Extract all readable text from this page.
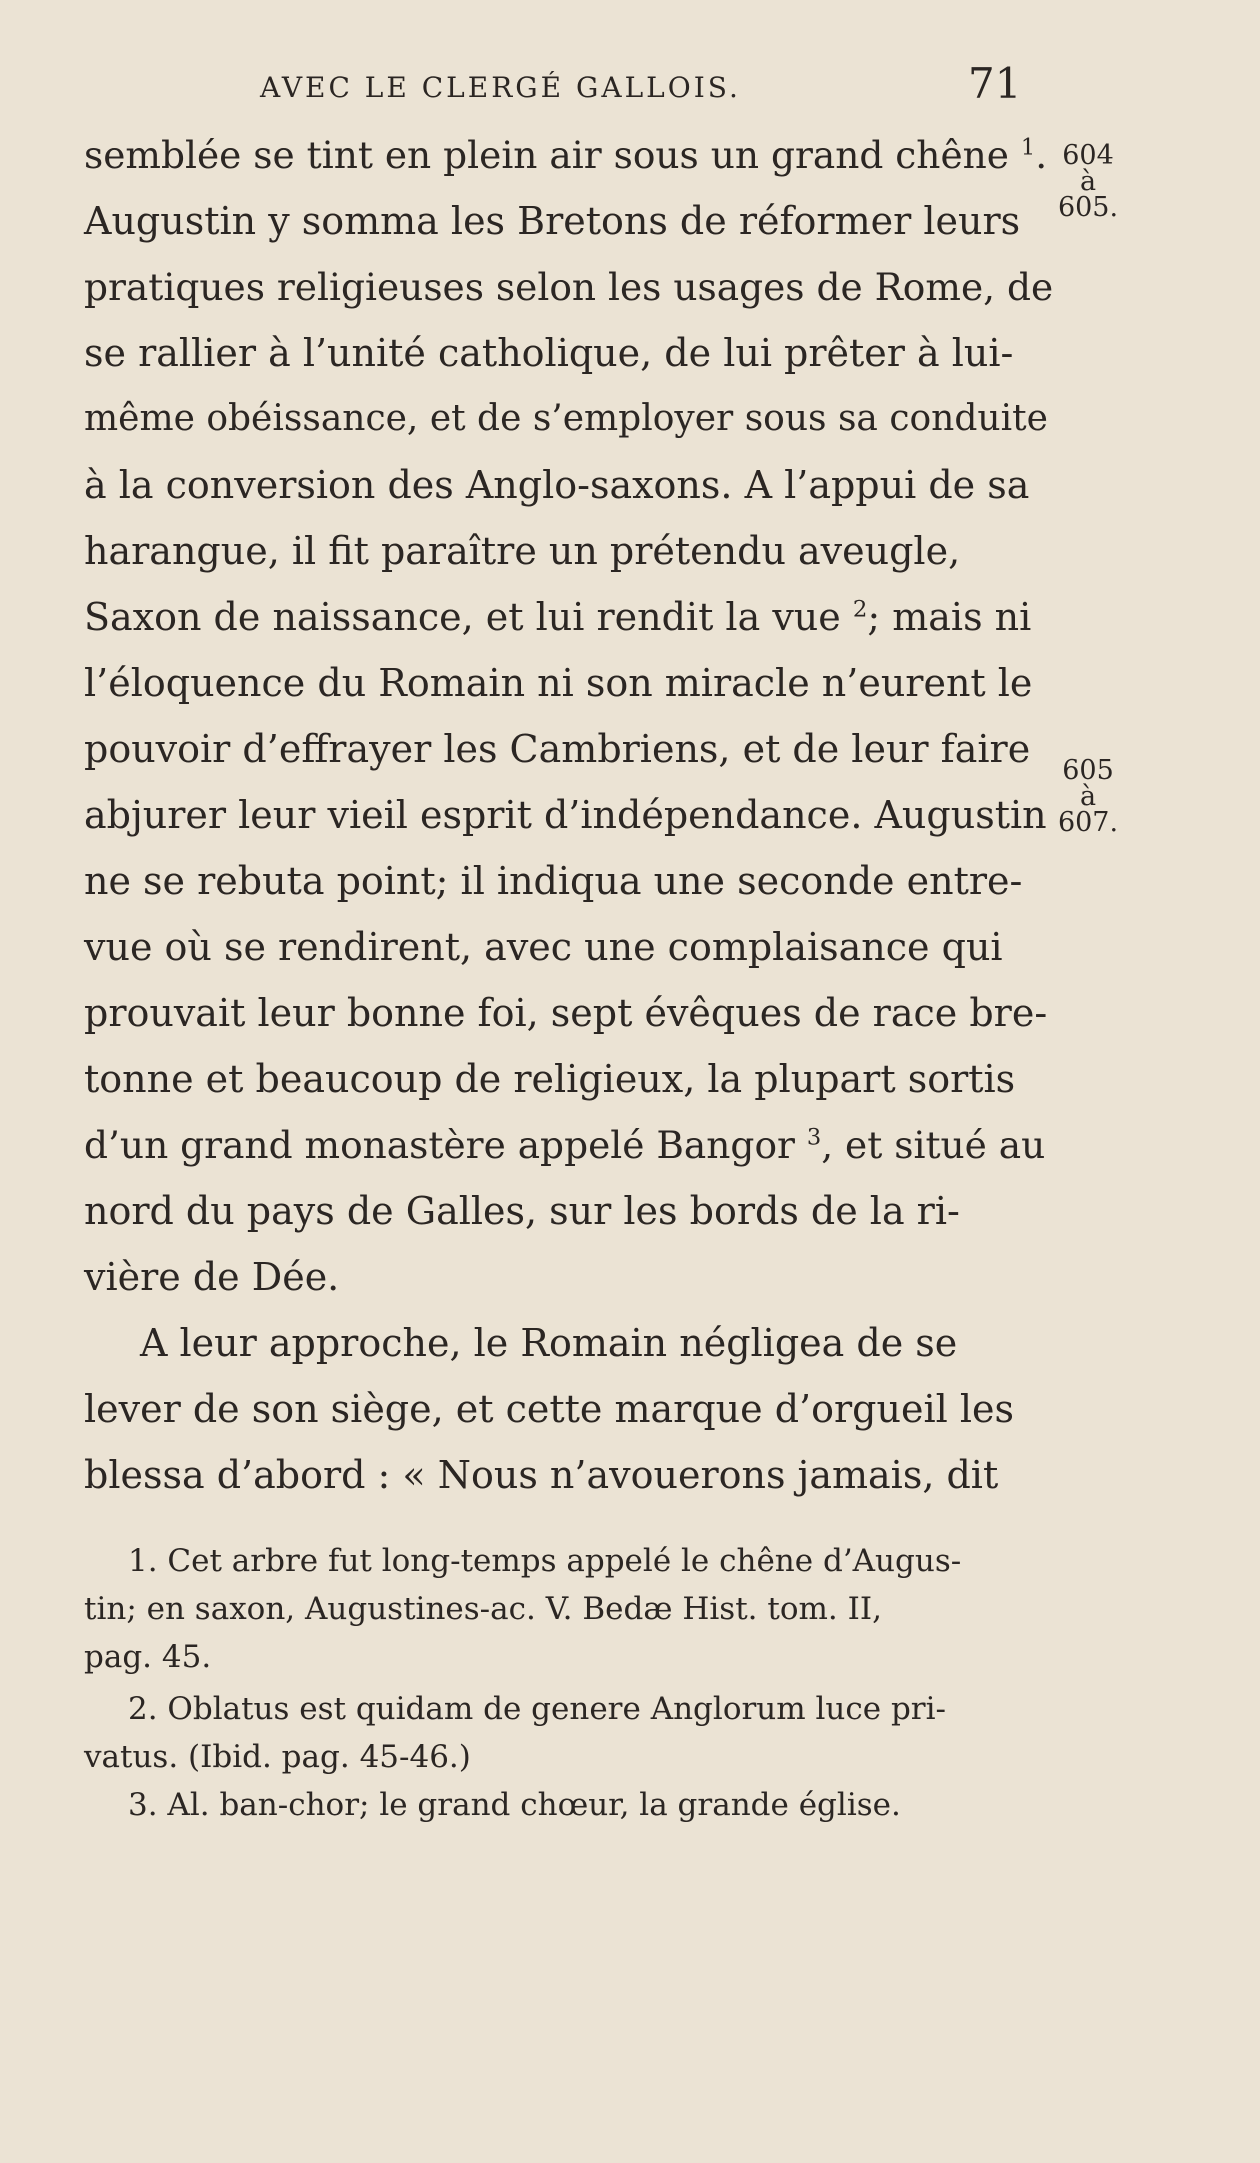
AVEC LE CLERGÉ GALLOIS.	71
604
à
605.
605
à
607.
semblée se tint en plein air sous un grand chêne $^1$.
Augustin y somma les Bretons de réformer leurs
pratiques religieuses selon les usages de Rome, de
se rallier à l’unité catholique, de lui prêter à lui-
même obéissance, et de s’employer sous sa conduite
à la conversion des Anglo-saxons. A l’appui de sa
harangue, il fit paraître un prétendu aveugle,
Saxon de naissance, et lui rendit la vue $^2$; mais ni
l’éloquence du Romain ni son miracle n’eurent le
pouvoir d’effrayer les Cambriens, et de leur faire
abjurer leur vieil esprit d’indépendance. Augustin
ne se rebuta point; il indiqua une seconde entre-
vue où se rendirent, avec une complaisance qui
prouvait leur bonne foi, sept évêques de race bre-
tonne et beaucoup de religieux, la plupart sortis
d’un grand monastère appelé Bangor $^3$, et situé au
nord du pays de Galles, sur les bords de la ri-
vière de Dée.
A leur approche, le Romain négligea de se
lever de son siège, et cette marque d’orgueil les
blessa d’abord : « Nous n’avouerons jamais, dit
1. Cet arbre fut long-temps appelé le chêne d’Augus-
tin; en saxon, Augustines-ac. V. Bedæ Hist. tom. II,
pag. 45.
2. Oblatus est quidam de genere Anglorum luce pri-
vatus. (Ibid. pag. 45-46.)
3. Al. ban-chor; le grand chœur, la grande église.
